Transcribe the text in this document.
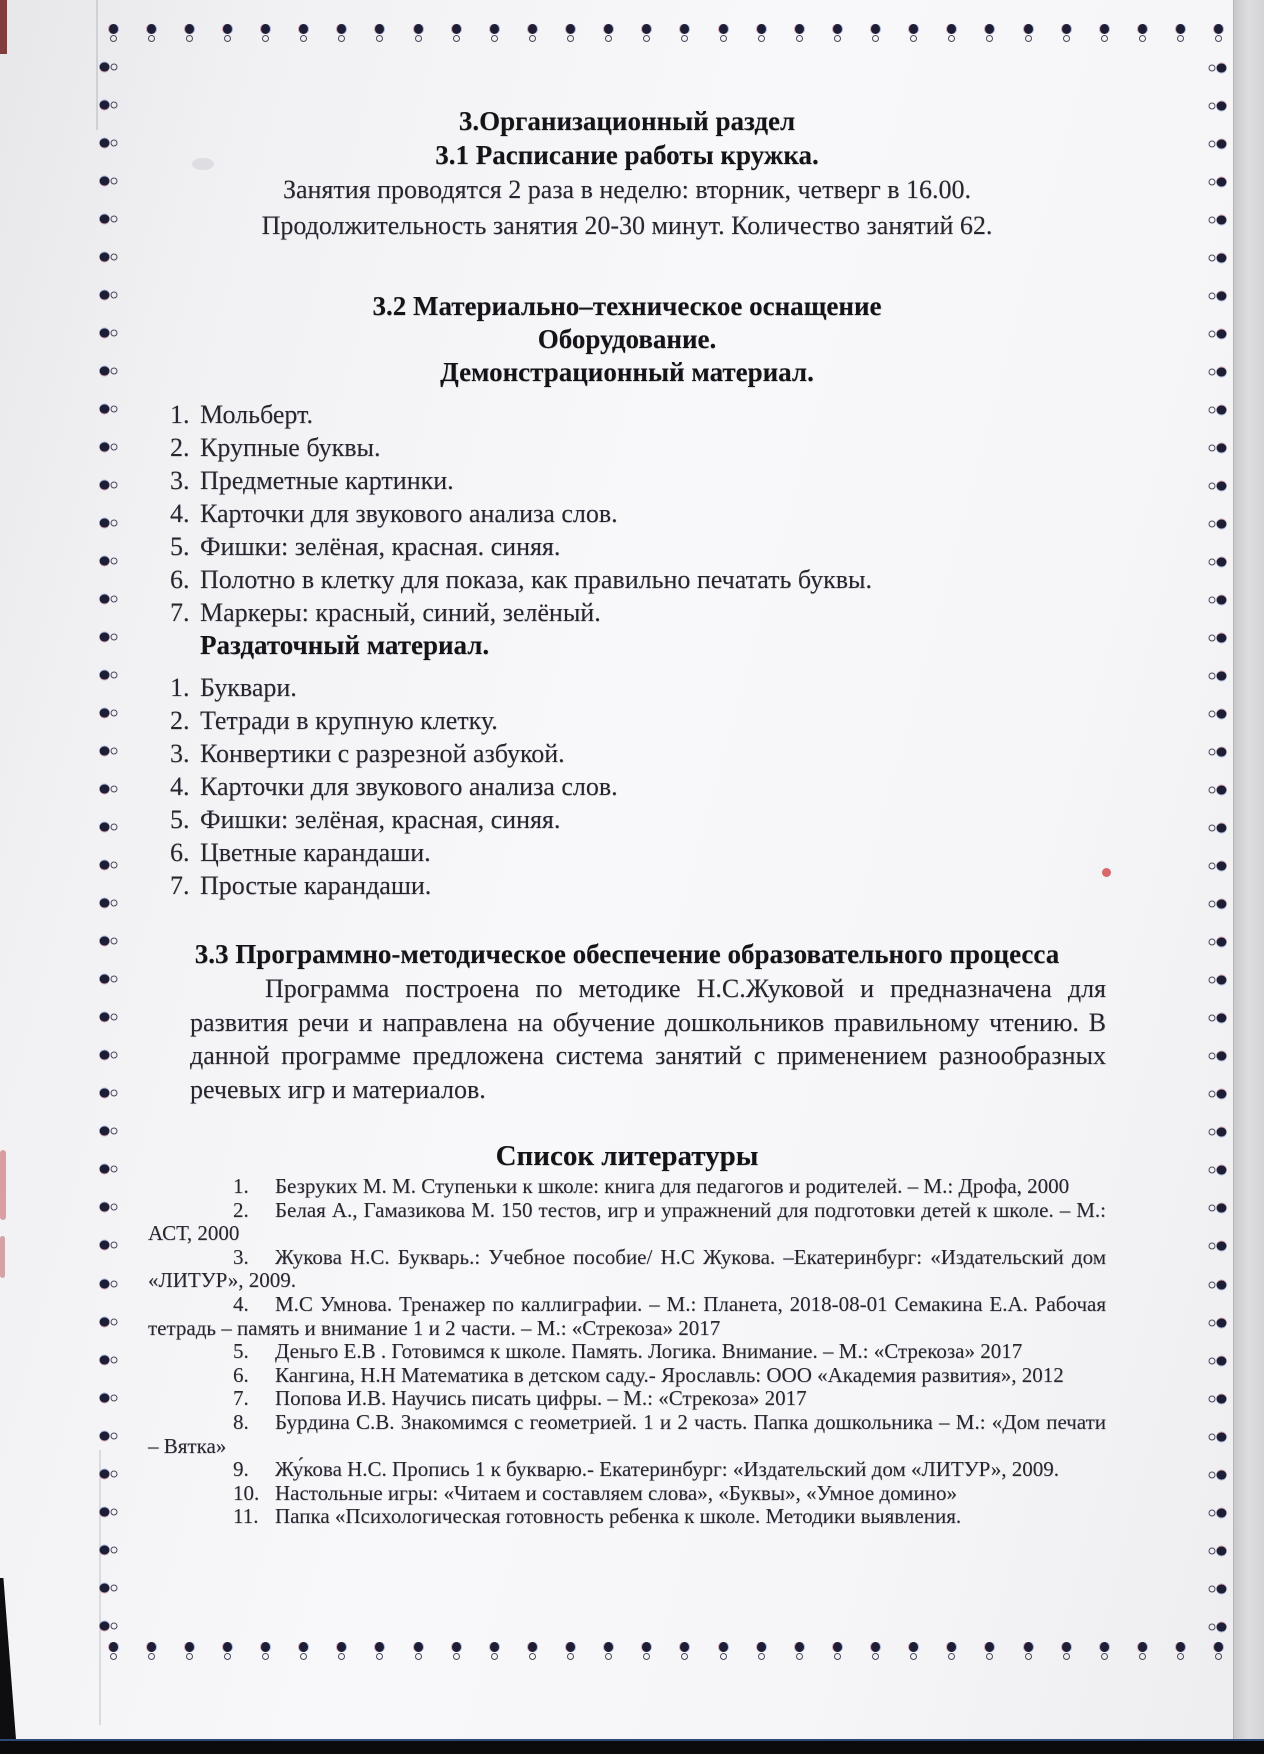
3.Организационный раздел
3.1 Расписание работы кружка.

Занятия проводятся 2 раза в неделю: вторник, четверг в 16.00.

Продолжительность занятия 20-30 минут. Количество занятий 62.

3.2 Материально–техническое оснащение
Оборудование.
Демонстрационный материал.
1. Мольберт.
2. Крупные буквы.
3. Предметные картинки.
4. Карточки для звукового анализа слов.
5. Фишки: зелёная, красная. синяя.
6. Полотно в клетку для показа, как правильно печатать буквы.
7. Маркеры: красный, синий, зелёный.

Раздаточный материал.

1. Буквари.
2. Тетради в крупную клетку.
3. Конвертики с разрезной азбукой.
4. Карточки для звукового анализа слов.
5. Фишки: зелёная, красная, синяя.
6. Цветные карандаши.
7. Простые карандаши.
3.3 Программно-методическое обеспечение образовательного процесса

Программа построена по методике Н.С.Жуковой и предназначена для развития речи и направлена на обучение дошкольников правильному чтению. В данной программе предложена система занятий с применением разнообразных речевых игр и материалов.

Список литературы
1. Безруких М. М. Ступеньки к школе: книга для педагогов и родителей. – М.: Дрофа, 2000
2. Белая А., Гамазикова М. 150 тестов, игр и упражнений для подготовки детей к школе. – М.: АСТ, 2000
3. Жукова Н.С. Букварь.: Учебное пособие/ Н.С Жукова. –Екатеринбург: «Издательский дом «ЛИТУР», 2009.
4. М.С Умнова. Тренажер по каллиграфии. – М.: Планета, 2018-08-01 Семакина Е.А. Рабочая тетрадь – память и внимание 1 и 2 части. – М.: «Стрекоза» 2017
5. Деньго Е.В . Готовимся к школе. Память. Логика. Внимание. – М.: «Стрекоза» 2017
6. Кангина, Н.Н Математика в детском саду.- Ярославль: ООО «Академия развития», 2012
7. Попова И.В. Научись писать цифры. – М.: «Стрекоза» 2017
8. Бурдина С.В. Знакомимся с геометрией. 1 и 2 часть. Папка дошкольника – М.: «Дом печати – Вятка»
9. Жу́кова Н.С. Пропись 1 к букварю.- Екатеринбург: «Издательский дом «ЛИТУР», 2009.
10. Настольные игры: «Читаем и составляем слова», «Буквы», «Умное домино»
11. Папка «Психологическая готовность ребенка к школе. Методики выявления.
